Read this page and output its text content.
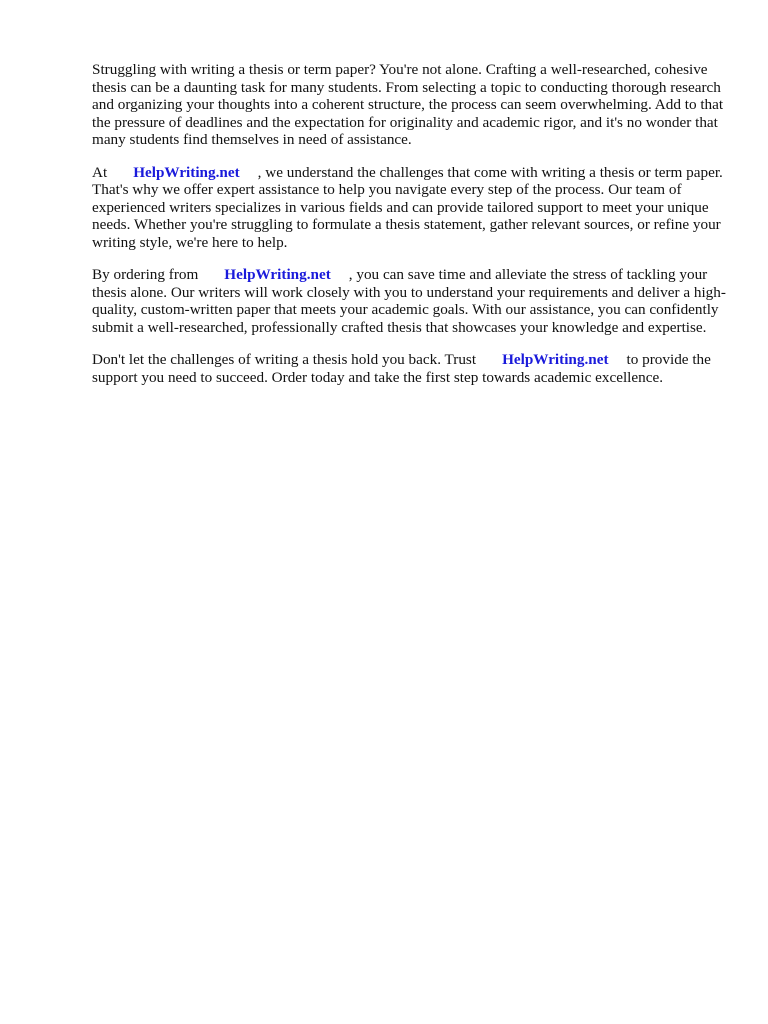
Struggling with writing a thesis or term paper? You're not alone. Crafting a well-researched, cohesive thesis can be a daunting task for many students. From selecting a topic to conducting thorough research and organizing your thoughts into a coherent structure, the process can seem overwhelming. Add to that the pressure of deadlines and the expectation for originality and academic rigor, and it's no wonder that many students find themselves in need of assistance.

At HelpWriting.net , we understand the challenges that come with writing a thesis or term paper. That's why we offer expert assistance to help you navigate every step of the process. Our team of experienced writers specializes in various fields and can provide tailored support to meet your unique needs. Whether you're struggling to formulate a thesis statement, gather relevant sources, or refine your writing style, we're here to help.

By ordering from HelpWriting.net , you can save time and alleviate the stress of tackling your thesis alone. Our writers will work closely with you to understand your requirements and deliver a high-quality, custom-written paper that meets your academic goals. With our assistance, you can confidently submit a well-researched, professionally crafted thesis that showcases your knowledge and expertise.

Don't let the challenges of writing a thesis hold you back. Trust HelpWriting.net to provide the support you need to succeed. Order today and take the first step towards academic excellence.
